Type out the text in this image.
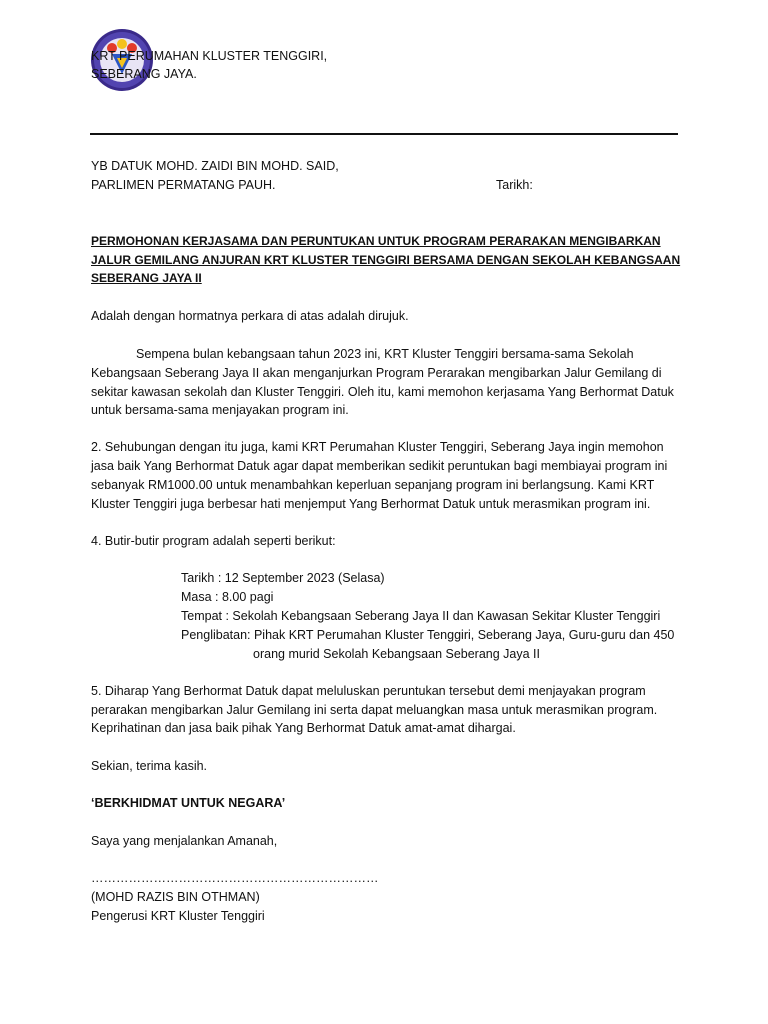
KRT PERUMAHAN KLUSTER TENGGIRI,
SEBERANG JAYA.
YB DATUK MOHD. ZAIDI BIN MOHD. SAID,
PARLIMEN PERMATANG PAUH.	Tarikh:
PERMOHONAN KERJASAMA DAN PERUNTUKAN UNTUK PROGRAM PERARAKAN MENGIBARKAN
JALUR GEMILANG ANJURAN KRT KLUSTER TENGGIRI BERSAMA DENGAN SEKOLAH KEBANGSAAN
SEBERANG JAYA II
Adalah dengan hormatnya perkara di atas adalah dirujuk.
Sempena bulan kebangsaan tahun 2023 ini, KRT Kluster Tenggiri bersama-sama Sekolah
Kebangsaan Seberang Jaya II akan menganjurkan Program Perarakan mengibarkan Jalur Gemilang di
sekitar kawasan sekolah dan Kluster Tenggiri. Oleh itu, kami memohon kerjasama Yang Berhormat Datuk
untuk bersama-sama menjayakan program ini.
2. Sehubungan dengan itu juga, kami KRT Perumahan Kluster Tenggiri, Seberang Jaya ingin memohon
jasa baik Yang Berhormat Datuk agar dapat memberikan sedikit peruntukan bagi membiayai program ini
sebanyak RM1000.00 untuk menambahkan keperluan sepanjang program ini berlangsung. Kami KRT
Kluster Tenggiri juga berbesar hati menjemput Yang Berhormat Datuk untuk merasmikan program ini.
4. Butir-butir program adalah seperti berikut:
Tarikh : 12 September 2023 (Selasa)
Masa : 8.00 pagi
Tempat : Sekolah Kebangsaan Seberang Jaya II dan Kawasan Sekitar Kluster Tenggiri
Penglibatan: Pihak KRT Perumahan Kluster Tenggiri, Seberang Jaya, Guru-guru dan 450
orang murid Sekolah Kebangsaan Seberang Jaya II
5. Diharap Yang Berhormat Datuk dapat meluluskan peruntukan tersebut demi menjayakan program
perarakan mengibarkan Jalur Gemilang ini serta dapat meluangkan masa untuk merasmikan program.
Keprihatinan dan jasa baik pihak Yang Berhormat Datuk amat-amat dihargai.
Sekian, terima kasih.
‘BERKHIDMAT UNTUK NEGARA’
Saya yang menjalankan Amanah,
……………………………………………………………
(MOHD RAZIS BIN OTHMAN)
Pengerusi KRT Kluster Tenggiri
